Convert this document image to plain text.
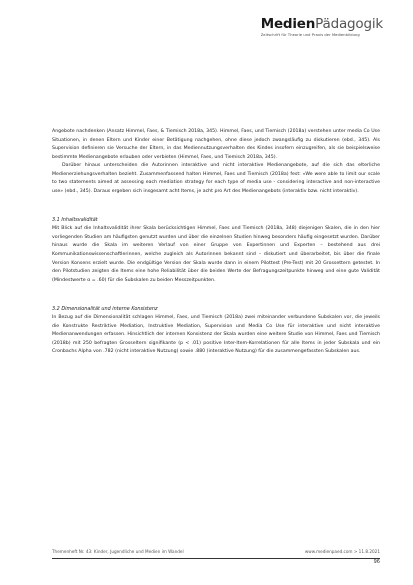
MedienPädagogik
Zeitschrift für Theorie und Praxis der Medienbildung

Angebote nachdenken (Ansatz Himmel, Faes, & Tiemisch 2018a, 345). Himmel, Faes, und Tiemisch (2018a) verstehen unter media Co Use Situationen, in denen Eltern und Kinder einer Betätigung nachgehen, ohne diese jedoch zwangsläufig zu diskutieren (ebd., 345). Als Supervision definieren sie Versuche der Eltern, in das Mediennutzungsverhalten des Kindes insofern einzugreifen, als sie beispielsweise bestimmte Medienangebote erlauben oder verbieten (Himmel, Faes, und Tiemisch 2018a, 345).

Darüber hinaus unterscheiden die Autorinnen interaktive und nicht interaktive Medienangebote, auf die sich das elterliche Medienerziehungsverhalten bezieht. Zusammenfassend halten Himmel, Faes und Tiemisch (2018a) fest: «We were able to limit our scale to two statements aimed at assessing each mediation strategy for each type of media use - considering interactive and non-interactive use» (ebd., 345). Daraus ergeben sich insgesamt acht Items, je acht pro Art des Medienangebots (interaktiv bzw. nicht interaktiv).

3.1 Inhaltsvalidität

Mit Blick auf die Inhaltsvalidität ihrer Skala berücksichtigen Himmel, Faes und Tiemisch (2018a, 348) diejenigen Skalen, die in den hier vorliegenden Studien am häufigsten genutzt wurden und über die einzelnen Studien hinweg besonders häufig eingesetzt wurden. Darüber hinaus wurde die Skala im weiteren Verlauf von einer Gruppe von Expertinnen und Experten – bestehend aus drei Kommunikationswissenschaftlerinnen, welche zugleich als Autorinnen bekannt sind – diskutiert und überarbeitet, bis über die finale Version Konsens erzielt wurde. Die endgültige Version der Skala wurde dann in einem Pilottest (Pre-Test) mit 20 Grossettern getestet. In den Pilotstudien zeigten die Items eine hohe Reliabilität über die beiden Werte der Befragungszeitpunkte hinweg und eine gute Validität (Mindestwerte α = .60) für die Subskalen zu beiden Messzeitpunkten.

3.2 Dimensionalität und interne Konsistenz

In Bezug auf die Dimensionalität schlagen Himmel, Faes, und Tiemisch (2018a) zwei miteinander verbundene Subskalen vor, die jeweils die Konstrukte Restriktive Mediation, Instruktive Mediation, Supervision und Media Co Use für interaktive und nicht interaktive Medienanwendungen erfassen. Hinsichtlich der internen Konsistenz der Skala wurden eine weitere Studie von Himmel, Faes und Tiemisch (2018b) mit 250 befragten Grosseltern signifikante (p < .01) positive Inter-Item-Korrelationen für alle Items in jeder Subskala und ein Cronbachs Alpha von .782 (nicht interaktive Nutzung) sowie .880 (interaktive Nutzung) für die zusammengefassten Subskalen aus.

Themenheft Nr. 43: Kinder, Jugendliche und Medien im Wandel	www.medienpaed.com > 11.8.2021
96
